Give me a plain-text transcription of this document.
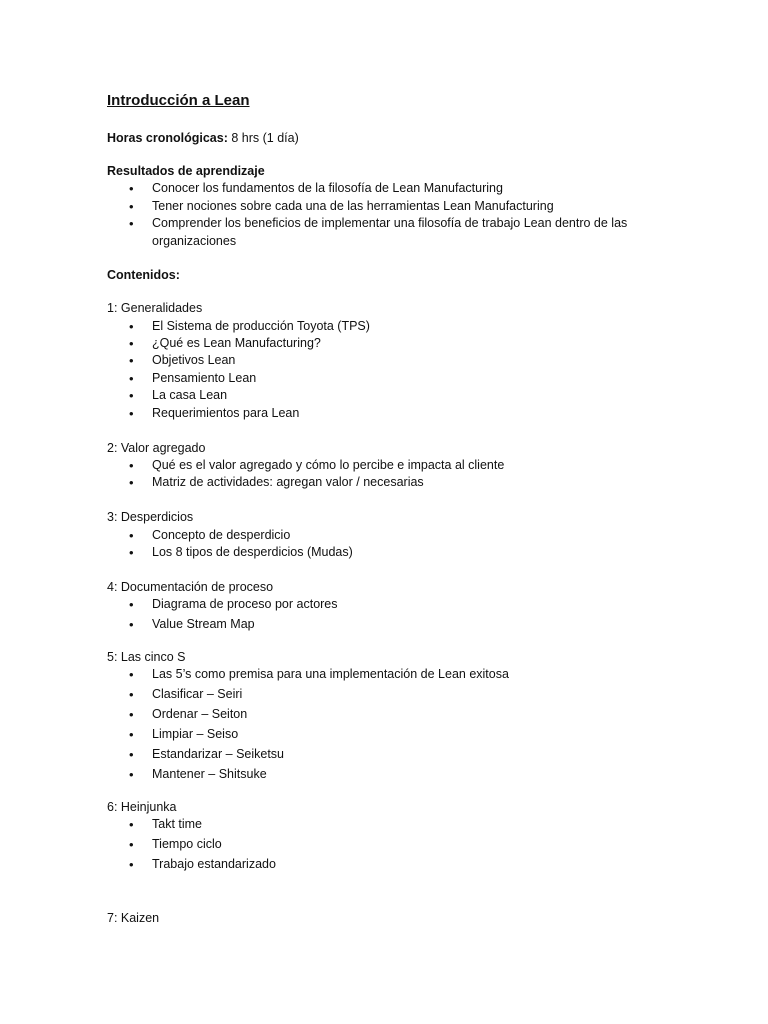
Introducción a Lean
Horas cronológicas: 8 hrs (1 día)
Resultados de aprendizaje
• Conocer los fundamentos de la filosofía de Lean Manufacturing
• Tener nociones sobre cada una de las herramientas Lean Manufacturing
• Comprender los beneficios de implementar una filosofía de trabajo Lean dentro de las organizaciones
Contenidos:
1: Generalidades
• El Sistema de producción Toyota (TPS)
• ¿Qué es Lean Manufacturing?
• Objetivos Lean
• Pensamiento Lean
• La casa Lean
• Requerimientos para Lean
2: Valor agregado
• Qué es el valor agregado y cómo lo percibe e impacta al cliente
• Matriz de actividades: agregan valor / necesarias
3: Desperdicios
• Concepto de desperdicio
• Los 8 tipos de desperdicios (Mudas)
4: Documentación de proceso
• Diagrama de proceso por actores
• Value Stream Map
5: Las cinco S
• Las 5’s como premisa para una implementación de Lean exitosa
• Clasificar – Seiri
• Ordenar – Seiton
• Limpiar – Seiso
• Estandarizar – Seiketsu
• Mantener – Shitsuke
6: Heinjunka
• Takt time
• Tiempo ciclo
• Trabajo estandarizado
7: Kaizen
